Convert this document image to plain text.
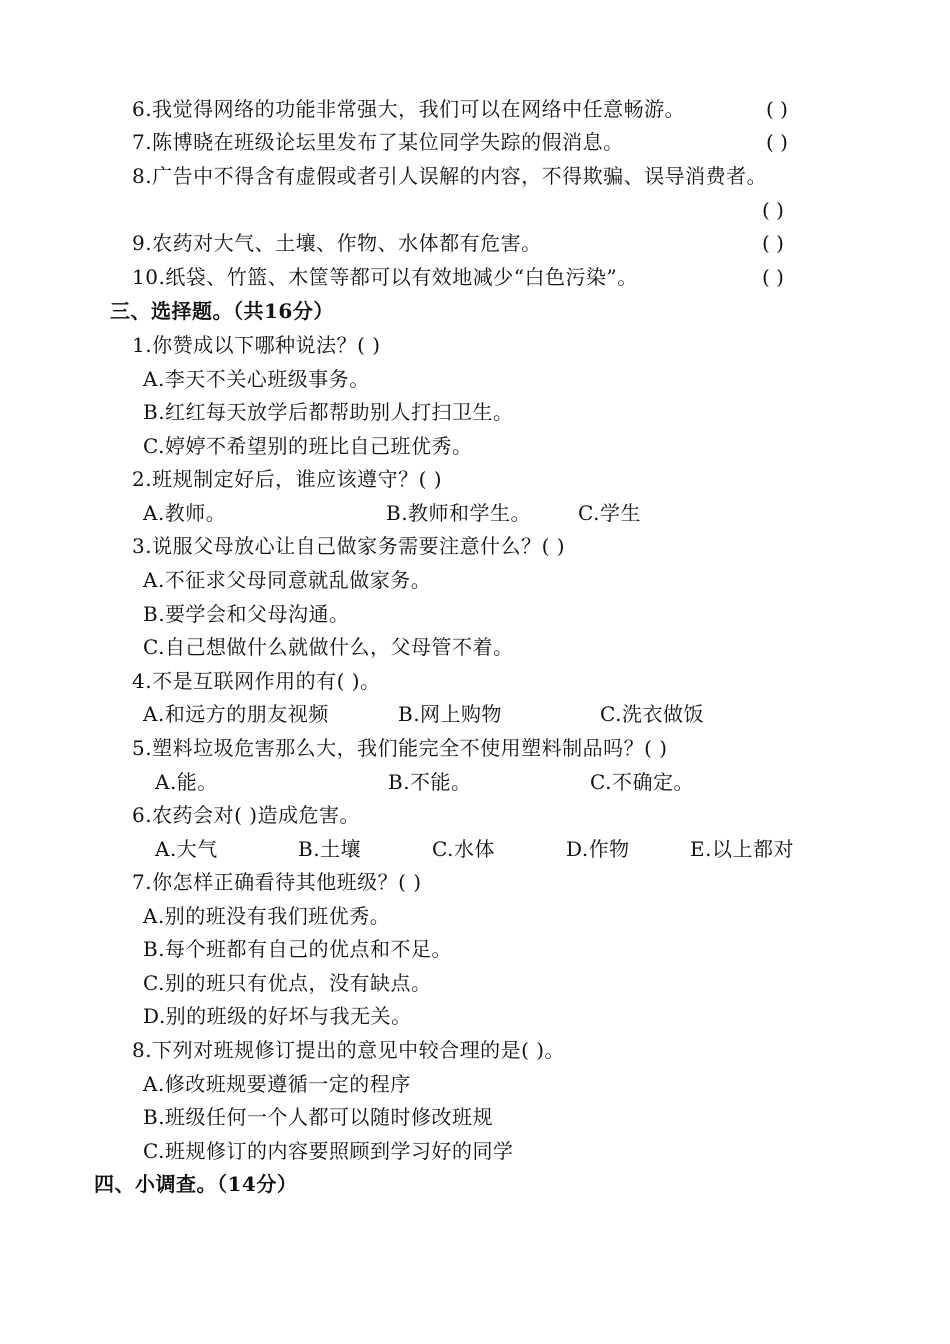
6.我觉得网络的功能非常强大，我们可以在网络中任意畅游。	( )
7.陈博晓在班级论坛里发布了某位同学失踪的假消息。	( )
8.广告中不得含有虚假或者引人误解的内容，不得欺骗、误导消费者。
( )
9.农药对大气、土壤、作物、水体都有危害。	( )
10.纸袋、竹篮、木筐等都可以有效地减少“白色污染”。	( )
三、选择题。（共16分）
1.你赞成以下哪种说法？( )
A.李天不关心班级事务。
B.红红每天放学后都帮助别人打扫卫生。
C.婷婷不希望别的班比自己班优秀。
2.班规制定好后，谁应该遵守？( )
A.教师。	B.教师和学生。 C.学生
3.说服父母放心让自己做家务需要注意什么？( )
A.不征求父母同意就乱做家务。
B.要学会和父母沟通。
C.自己想做什么就做什么，父母管不着。
4.不是互联网作用的有( )。
A.和远方的朋友视频	B.网上购物	C.洗衣做饭
5.塑料垃圾危害那么大，我们能完全不使用塑料制品吗？( )
A.能。	B.不能。	C.不确定。
6.农药会对( )造成危害。
A.大气	B.土壤	C.水体	D.作物	E.以上都对
7.你怎样正确看待其他班级？( )
A.别的班没有我们班优秀。
B.每个班都有自己的优点和不足。
C.别的班只有优点，没有缺点。
D.别的班级的好坏与我无关。
8.下列对班规修订提出的意见中较合理的是( )。
A.修改班规要遵循一定的程序
B.班级任何一个人都可以随时修改班规
C.班规修订的内容要照顾到学习好的同学
四、小调查。（14分）
